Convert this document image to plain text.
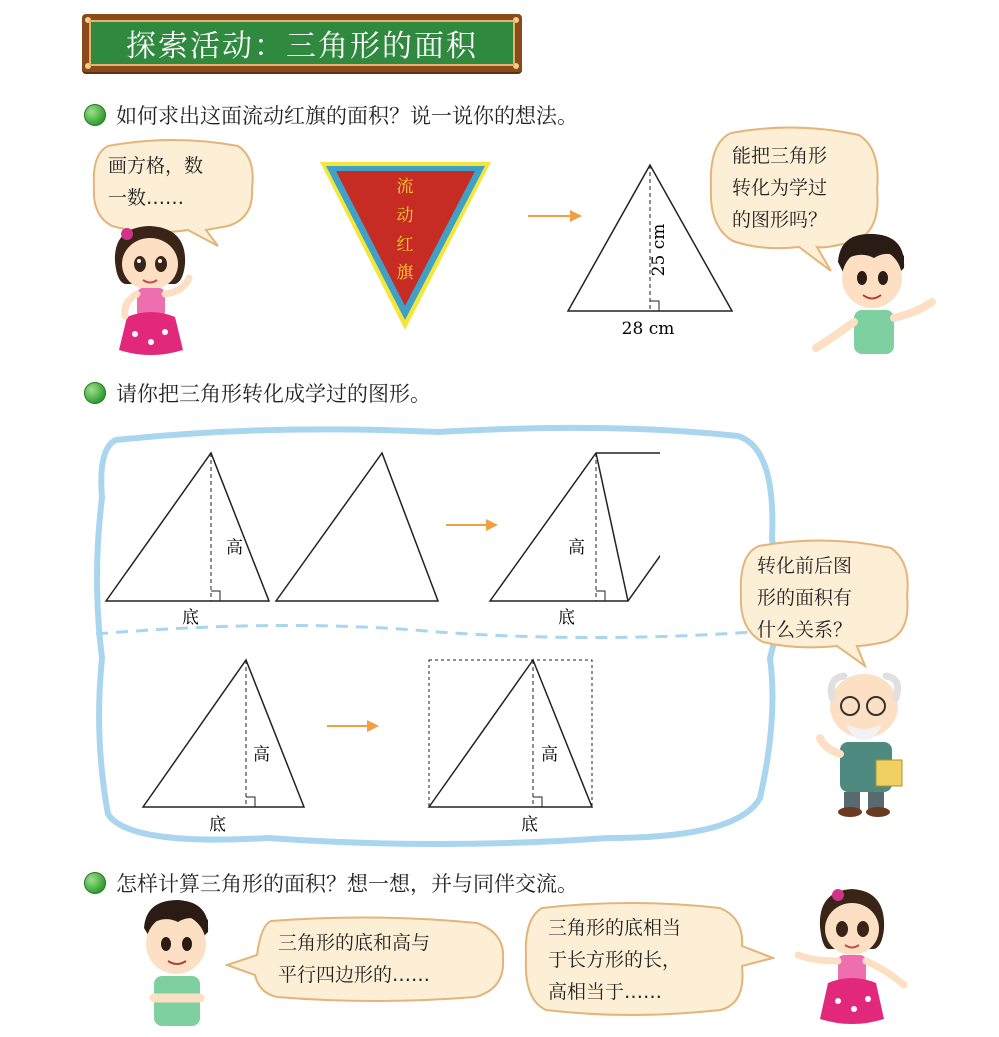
探索活动：三角形的面积
如何求出这面流动红旗的面积？说一说你的想法。
画方格，数
一数……	流
动
红
旗	25 cm
28 cm
能把三角形
转化为学过
的图形吗？
请你把三角形转化成学过的图形。
高
底
高
底
高
底
高
底
转化前后图
形的面积有
什么关系？
怎样计算三角形的面积？想一想，并与同伴交流。
三角形的底和高与
平行四边形的……
三角形的底相当
于长方形的长，
高相当于……
